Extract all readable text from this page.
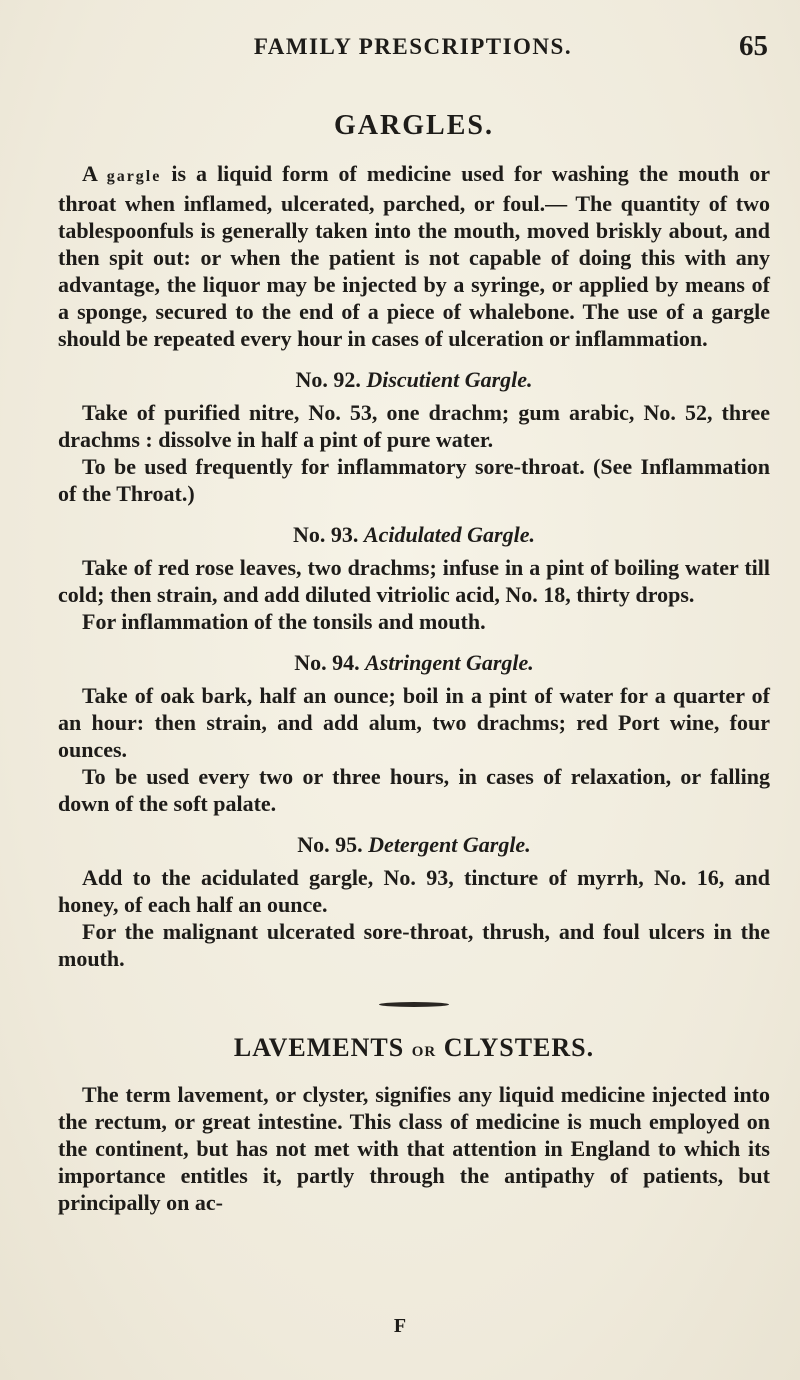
FAMILY PRESCRIPTIONS.	65
GARGLES.

A gargle is a liquid form of medicine used for washing the mouth or throat when inflamed, ulcerated, parched, or foul.— The quantity of two tablespoonfuls is generally taken into the mouth, moved briskly about, and then spit out: or when the patient is not capable of doing this with any advantage, the liquor may be injected by a syringe, or applied by means of a sponge, secured to the end of a piece of whalebone. The use of a gargle should be repeated every hour in cases of ulceration or inflammation.

No. 92. Discutient Gargle.

Take of purified nitre, No. 53, one drachm; gum arabic, No. 52, three drachms : dissolve in half a pint of pure water.

To be used frequently for inflammatory sore-throat. (See Inflammation of the Throat.)

No. 93. Acidulated Gargle.

Take of red rose leaves, two drachms; infuse in a pint of boiling water till cold; then strain, and add diluted vitriolic acid, No. 18, thirty drops.

For inflammation of the tonsils and mouth.

No. 94. Astringent Gargle.

Take of oak bark, half an ounce; boil in a pint of water for a quarter of an hour: then strain, and add alum, two drachms; red Port wine, four ounces.

To be used every two or three hours, in cases of relaxation, or falling down of the soft palate.

No. 95. Detergent Gargle.

Add to the acidulated gargle, No. 93, tincture of myrrh, No. 16, and honey, of each half an ounce.

For the malignant ulcerated sore-throat, thrush, and foul ulcers in the mouth.

LAVEMENTS OR CLYSTERS.

The term lavement, or clyster, signifies any liquid medicine injected into the rectum, or great intestine. This class of medicine is much employed on the continent, but has not met with that attention in England to which its importance entitles it, partly through the antipathy of patients, but principally on ac-

F
